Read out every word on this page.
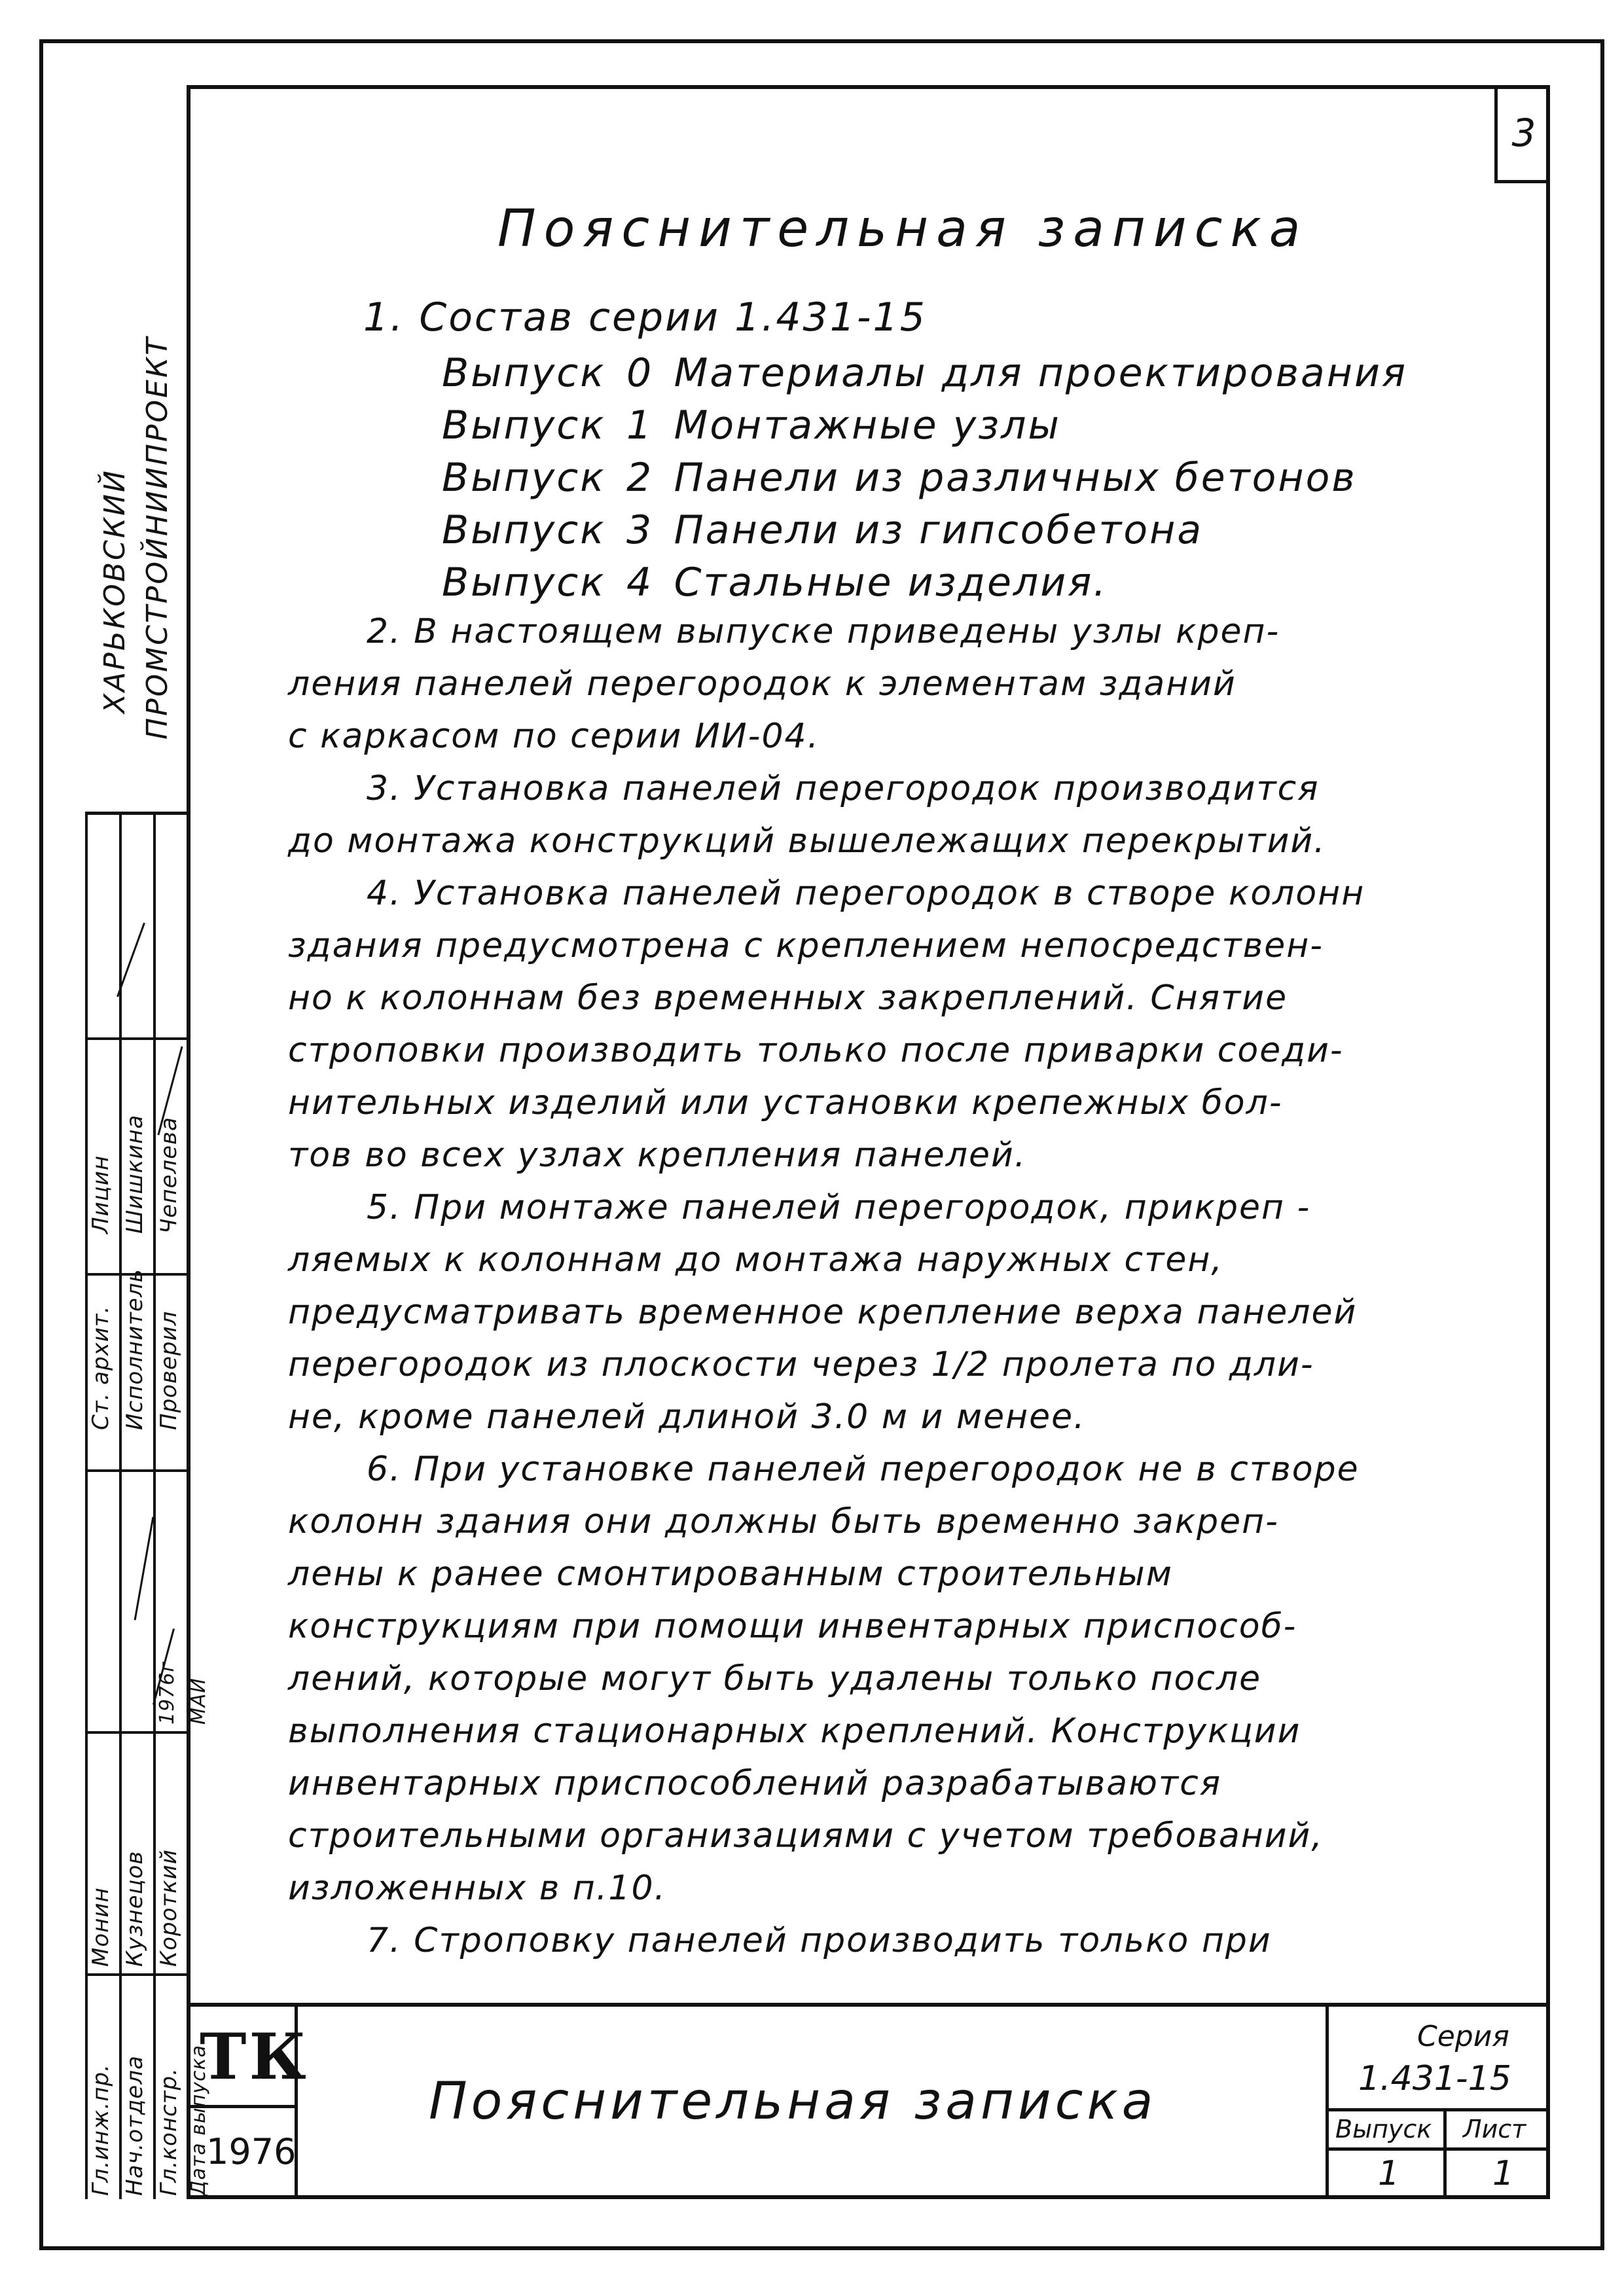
3
ХАРЬКОВСКИЙ ПРОМСТРОЙНИИПРОЕКТ
Ст. архит. Исполнитель Проверил
Лицин Шишкина Чепелева
Гл.инж.пр. Нач.отдела Гл.констр. Дата выпуска
Монин Кузнецов Короткий
МАЙ
1976г
Пояснительная записка
1. Состав серии 1.431-15
Выпуск 0 Материалы для проектирования
Выпуск 1 Монтажные узлы
Выпуск 2 Панели из различных бетонов
Выпуск 3 Панели из гипсобетона
Выпуск 4 Стальные изделия.
2. В настоящем выпуске приведены узлы креп-
ления панелей перегородок к элементам зданий
с каркасом по серии ИИ-04.
3. Установка панелей перегородок производится
до монтажа конструкций вышележащих перекрытий.
4. Установка панелей перегородок в створе колонн
здания предусмотрена с креплением непосредствен-
но к колоннам без временных закреплений. Снятие
строповки производить только после приварки соеди-
нительных изделий или установки крепежных бол-
тов во всех узлах крепления панелей.
5. При монтаже панелей перегородок, прикреп -
ляемых к колоннам до монтажа наружных стен,
предусматривать временное крепление верха панелей
перегородок из плоскости через 1/2 пролета по дли-
не, кроме панелей длиной 3.0 м и менее.
6. При установке панелей перегородок не в створе
колонн здания они должны быть временно закреп-
лены к ранее смонтированным строительным
конструкциям при помощи инвентарных приспособ-
лений, которые могут быть удалены только после
выполнения стационарных креплений. Конструкции
инвентарных приспособлений разрабатываются
строительными организациями с учетом требований,
изложенных в п.10.
7. Строповку панелей производить только при
ТК
1976
Пояснительная записка
Серия
1.431-15
Выпуск Лист
1	1
